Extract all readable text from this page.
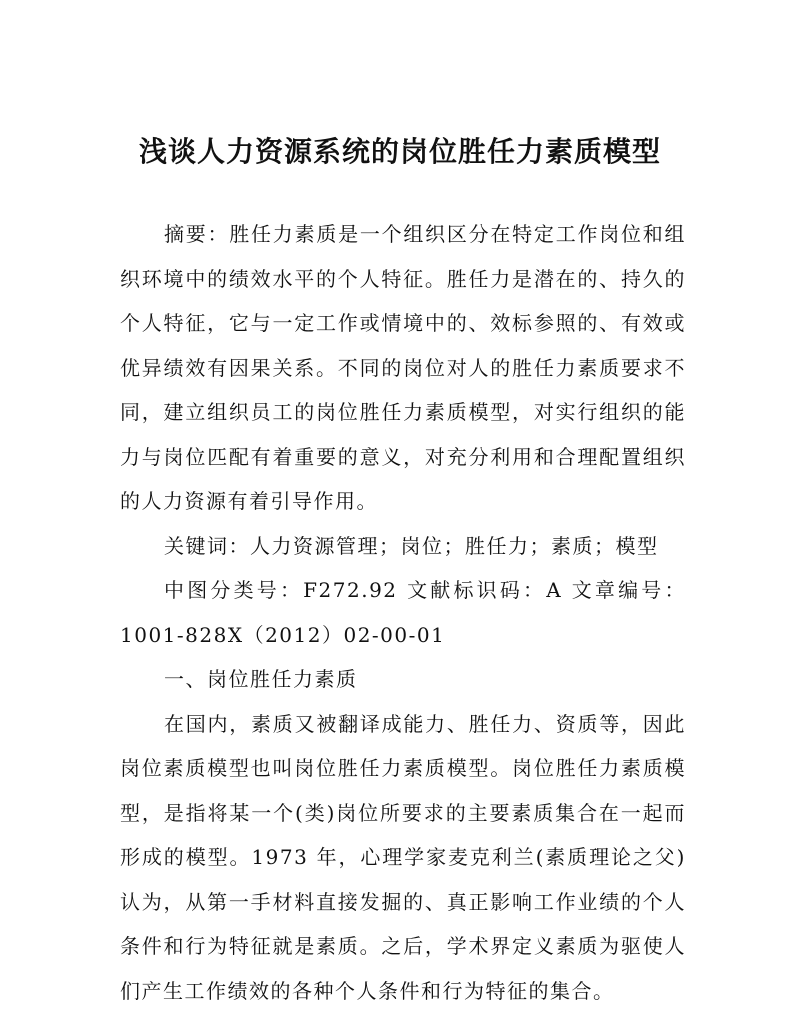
浅谈人力资源系统的岗位胜任力素质模型

摘要：胜任力素质是一个组织区分在特定工作岗位和组织环境中的绩效水平的个人特征。胜任力是潜在的、持久的个人特征，它与一定工作或情境中的、效标参照的、有效或优异绩效有因果关系。不同的岗位对人的胜任力素质要求不同，建立组织员工的岗位胜任力素质模型，对实行组织的能力与岗位匹配有着重要的意义，对充分利用和合理配置组织的人力资源有着引导作用。

关键词：人力资源管理；岗位；胜任力；素质；模型

中图分类号：F272.92 文献标识码：A 文章编号：1001-828X（2012）02-00-01

一、岗位胜任力素质

在国内，素质又被翻译成能力、胜任力、资质等，因此岗位素质模型也叫岗位胜任力素质模型。岗位胜任力素质模型，是指将某一个(类)岗位所要求的主要素质集合在一起而形成的模型。1973 年，心理学家麦克利兰(素质理论之父)认为，从第一手材料直接发掘的、真正影响工作业绩的个人条件和行为特征就是素质。之后，学术界定义素质为驱使人们产生工作绩效的各种个人条件和行为特征的集合。
